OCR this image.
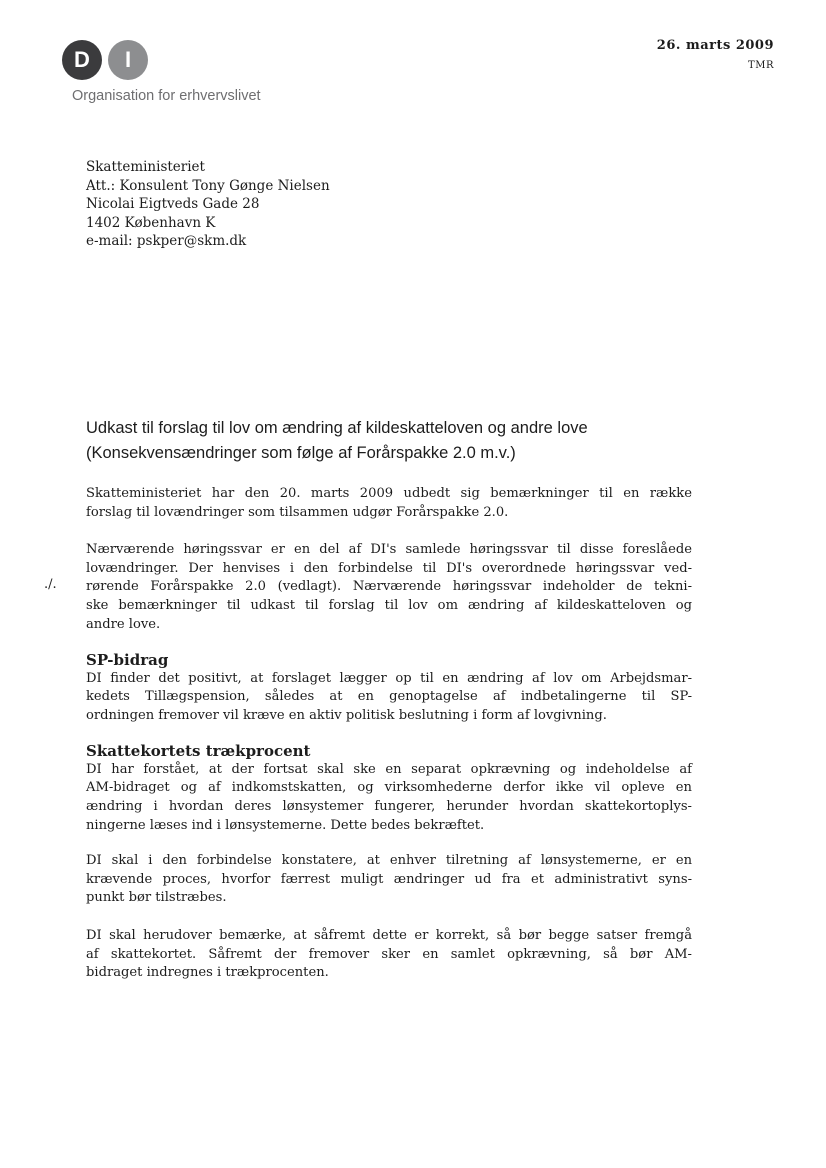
D	I
Organisation for erhvervslivet
26. marts 2009
TMR
Skatteministeriet
Att.: Konsulent Tony Gønge Nielsen
Nicolai Eigtveds Gade 28
1402 København K
e-mail: pskper@skm.dk
Udkast til forslag til lov om ændring af kildeskatteloven og andre love (Konsekvensændringer som følge af Forårspakke 2.0 m.v.)
./.
Skatteministeriet har den 20. marts 2009 udbedt sig bemærkninger til en række
forslag til lovændringer som tilsammen udgør Forårspakke 2.0.
Nærværende høringssvar er en del af DI's samlede høringssvar til disse foreslåede
lovændringer. Der henvises i den forbindelse til DI's overordnede høringssvar ved-
rørende Forårspakke 2.0 (vedlagt). Nærværende høringssvar indeholder de tekni-
ske bemærkninger til udkast til forslag til lov om ændring af kildeskatteloven og
andre love.
SP-bidrag
DI finder det positivt, at forslaget lægger op til en ændring af lov om Arbejdsmar-
kedets Tillægspension, således at en genoptagelse af indbetalingerne til SP-
ordningen fremover vil kræve en aktiv politisk beslutning i form af lovgivning.
Skattekortets trækprocent
DI har forstået, at der fortsat skal ske en separat opkrævning og indeholdelse af
AM-bidraget og af indkomstskatten, og virksomhederne derfor ikke vil opleve en
ændring i hvordan deres lønsystemer fungerer, herunder hvordan skattekortoplys-
ningerne læses ind i lønsystemerne. Dette bedes bekræftet.
DI skal i den forbindelse konstatere, at enhver tilretning af lønsystemerne, er en
krævende proces, hvorfor færrest muligt ændringer ud fra et administrativt syns-
punkt bør tilstræbes.
DI skal herudover bemærke, at såfremt dette er korrekt, så bør begge satser fremgå
af skattekortet. Såfremt der fremover sker en samlet opkrævning, så bør AM-
bidraget indregnes i trækprocenten.
